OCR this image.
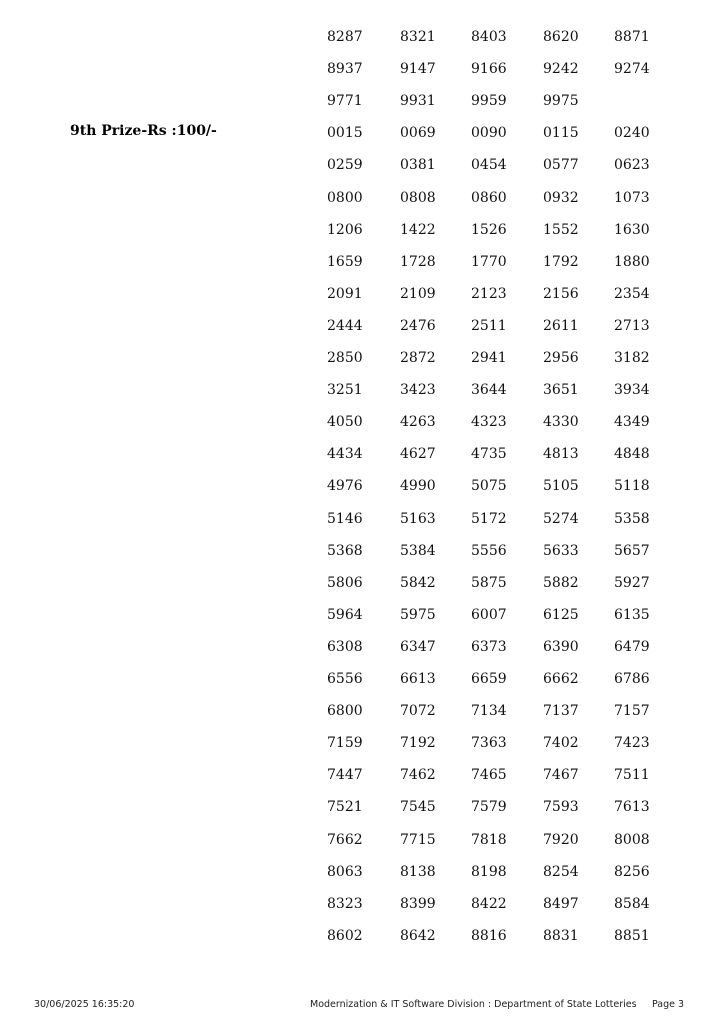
9th Prize-Rs :100/-
8287	8321	8403	8620	8871
8937	9147	9166	9242	9274
9771	9931	9959	9975
0015	0069	0090	0115	0240
0259	0381	0454	0577	0623
0800	0808	0860	0932	1073
1206	1422	1526	1552	1630
1659	1728	1770	1792	1880
2091	2109	2123	2156	2354
2444	2476	2511	2611	2713
2850	2872	2941	2956	3182
3251	3423	3644	3651	3934
4050	4263	4323	4330	4349
4434	4627	4735	4813	4848
4976	4990	5075	5105	5118
5146	5163	5172	5274	5358
5368	5384	5556	5633	5657
5806	5842	5875	5882	5927
5964	5975	6007	6125	6135
6308	6347	6373	6390	6479
6556	6613	6659	6662	6786
6800	7072	7134	7137	7157
7159	7192	7363	7402	7423
7447	7462	7465	7467	7511
7521	7545	7579	7593	7613
7662	7715	7818	7920	8008
8063	8138	8198	8254	8256
8323	8399	8422	8497	8584
8602	8642	8816	8831	8851
30/06/2025 16:35:20	Modernization & IT Software Division : Department of State Lotteries Page 3
